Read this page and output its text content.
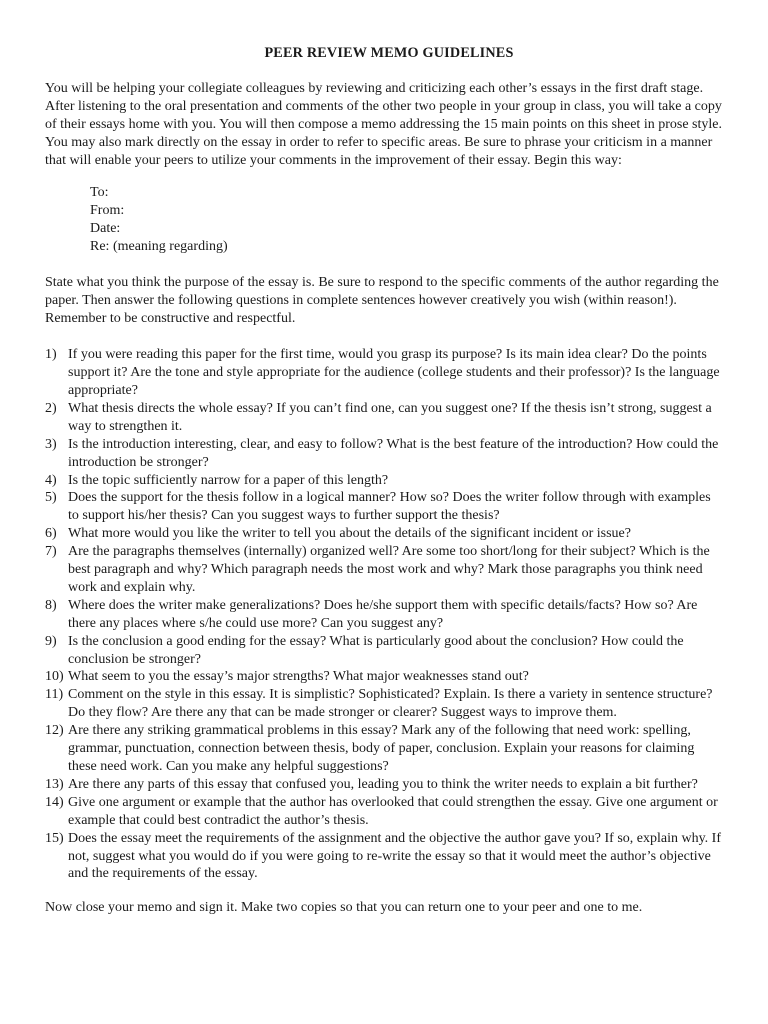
PEER REVIEW MEMO GUIDELINES

You will be helping your collegiate colleagues by reviewing and criticizing each other’s essays in the first draft stage. After listening to the oral presentation and comments of the other two people in your group in class, you will take a copy of their essays home with you. You will then compose a memo addressing the 15 main points on this sheet in prose style. You may also mark directly on the essay in order to refer to specific areas. Be sure to phrase your criticism in a manner that will enable your peers to utilize your comments in the improvement of their essay. Begin this way:

To:
From:
Date:
Re: (meaning regarding)

State what you think the purpose of the essay is. Be sure to respond to the specific comments of the author regarding the paper. Then answer the following questions in complete sentences however creatively you wish (within reason!). Remember to be constructive and respectful.

1) If you were reading this paper for the first time, would you grasp its purpose? Is its main idea clear? Do the points support it? Are the tone and style appropriate for the audience (college students and their professor)? Is the language appropriate?
2) What thesis directs the whole essay? If you can’t find one, can you suggest one? If the thesis isn’t strong, suggest a way to strengthen it.
3) Is the introduction interesting, clear, and easy to follow? What is the best feature of the introduction? How could the introduction be stronger?
4) Is the topic sufficiently narrow for a paper of this length?
5) Does the support for the thesis follow in a logical manner? How so? Does the writer follow through with examples to support his/her thesis? Can you suggest ways to further support the thesis?
6) What more would you like the writer to tell you about the details of the significant incident or issue?
7) Are the paragraphs themselves (internally) organized well? Are some too short/long for their subject? Which is the best paragraph and why? Which paragraph needs the most work and why? Mark those paragraphs you think need work and explain why.
8) Where does the writer make generalizations? Does he/she support them with specific details/facts? How so? Are there any places where s/he could use more? Can you suggest any?
9) Is the conclusion a good ending for the essay? What is particularly good about the conclusion? How could the conclusion be stronger?
10) What seem to you the essay’s major strengths? What major weaknesses stand out?
11) Comment on the style in this essay. It is simplistic? Sophisticated? Explain. Is there a variety in sentence structure? Do they flow? Are there any that can be made stronger or clearer? Suggest ways to improve them.
12) Are there any striking grammatical problems in this essay? Mark any of the following that need work: spelling, grammar, punctuation, connection between thesis, body of paper, conclusion. Explain your reasons for claiming these need work. Can you make any helpful suggestions?
13) Are there any parts of this essay that confused you, leading you to think the writer needs to explain a bit further?
14) Give one argument or example that the author has overlooked that could strengthen the essay. Give one argument or example that could best contradict the author’s thesis.
15) Does the essay meet the requirements of the assignment and the objective the author gave you? If so, explain why. If not, suggest what you would do if you were going to re-write the essay so that it would meet the author’s objective and the requirements of the essay.

Now close your memo and sign it. Make two copies so that you can return one to your peer and one to me.
